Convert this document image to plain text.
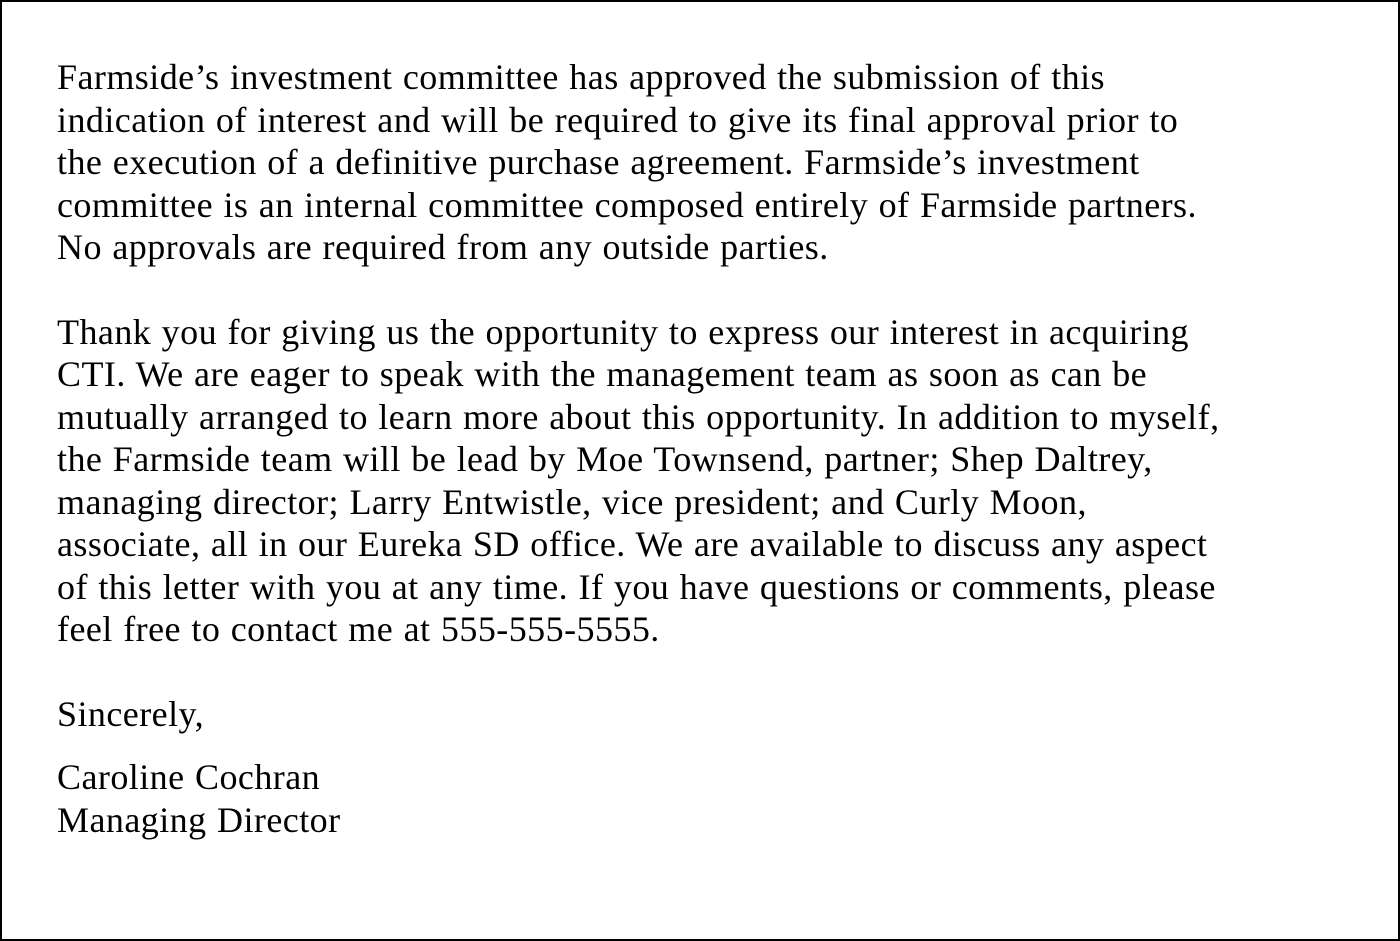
Farmside’s investment committee has approved the submission of this
indication of interest and will be required to give its final approval prior to
the execution of a definitive purchase agreement. Farmside’s investment
committee is an internal committee composed entirely of Farmside partners.
No approvals are required from any outside parties.

Thank you for giving us the opportunity to express our interest in acquiring
CTI. We are eager to speak with the management team as soon as can be
mutually arranged to learn more about this opportunity. In addition to myself,
the Farmside team will be lead by Moe Townsend, partner; Shep Daltrey,
managing director; Larry Entwistle, vice president; and Curly Moon,
associate, all in our Eureka SD office. We are available to discuss any aspect
of this letter with you at any time. If you have questions or comments, please
feel free to contact me at 555-555-5555.

Sincerely,

Caroline Cochran
Managing Director
